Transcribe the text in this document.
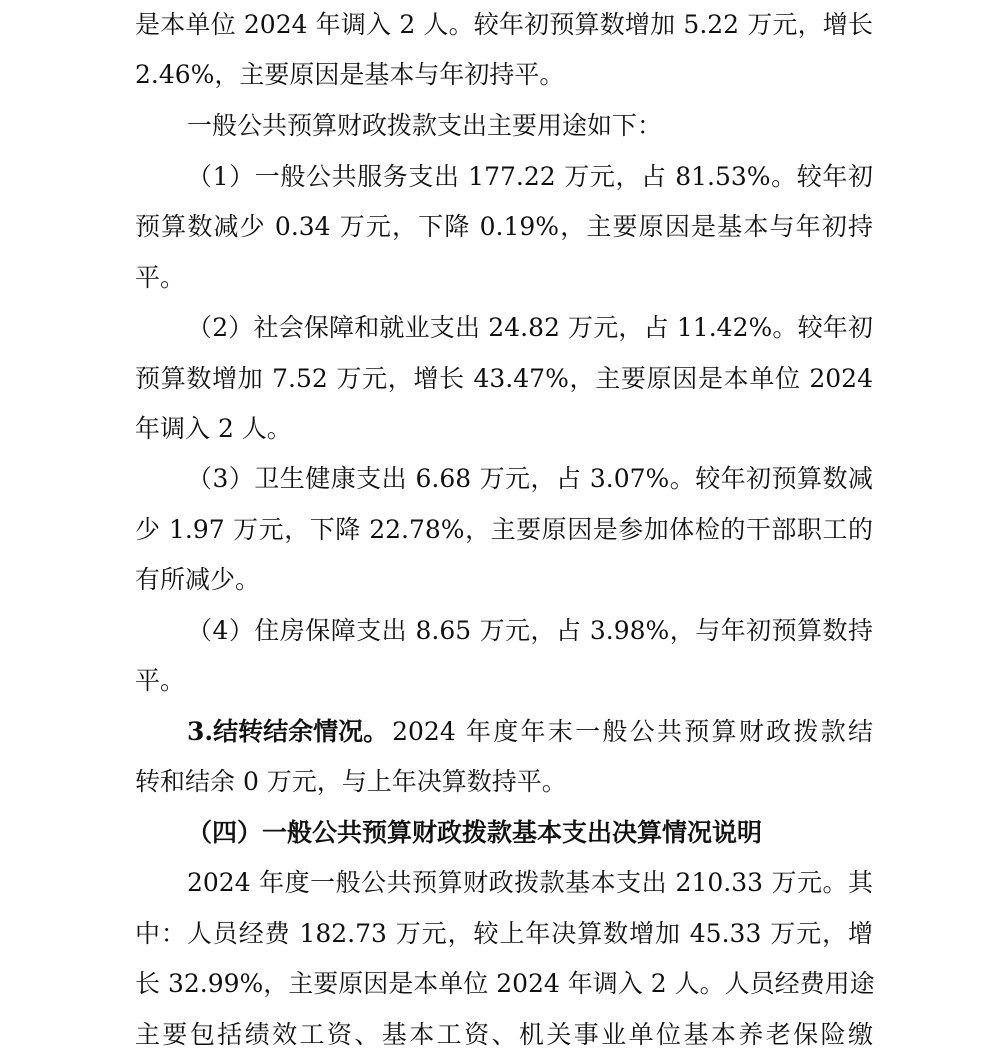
是本单位 2024 年调入 2 人。较年初预算数增加 5.22 万元，增长
2.46%，主要原因是基本与年初持平。
一般公共预算财政拨款支出主要用途如下：
（1）一般公共服务支出 177.22 万元，占 81.53%。较年初
预算数减少 0.34 万元，下降 0.19%，主要原因是基本与年初持
平。
（2）社会保障和就业支出 24.82 万元，占 11.42%。较年初
预算数增加 7.52 万元，增长 43.47%，主要原因是本单位 2024
年调入 2 人。
（3）卫生健康支出 6.68 万元，占 3.07%。较年初预算数减
少 1.97 万元，下降 22.78%，主要原因是参加体检的干部职工的
有所减少。
（4）住房保障支出 8.65 万元，占 3.98%，与年初预算数持
平。
3.结转结余情况。 2024 年度年末一般公共预算财政拨款结
转和结余 0 万元，与上年决算数持平。
（四）一般公共预算财政拨款基本支出决算情况说明
2024 年度一般公共预算财政拨款基本支出 210.33 万元。其
中：人员经费 182.73 万元，较上年决算数增加 45.33 万元，增
长 32.99%，主要原因是本单位 2024 年调入 2 人。人员经费用途
主要包括绩效工资、基本工资、机关事业单位基本养老保险缴
